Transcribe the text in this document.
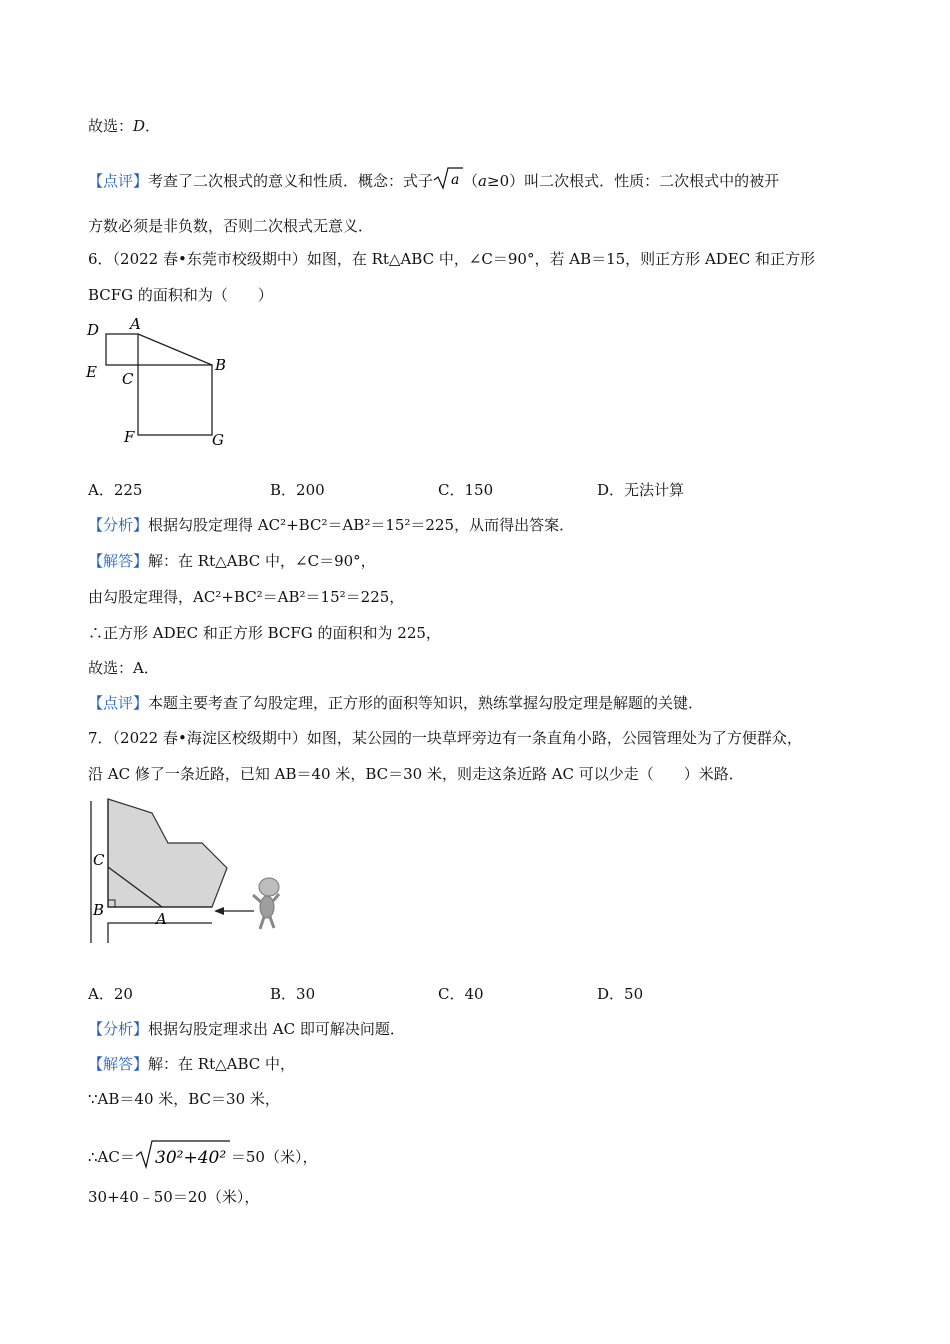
故选：D．
【点评】考查了二次根式的意义和性质．概念：式子 a （a≥0）叫二次根式．性质：二次根式中的被开
方数必须是非负数，否则二次根式无意义．
6．（2022 春•东莞市校级期中）如图，在 Rt△ABC 中，∠C＝90°，若 AB＝15，则正方形 ADEC 和正方形
BCFG 的面积和为（　　）
D A
E C
B
F	G
A．225	B．200	C．150	D．无法计算
【分析】根据勾股定理得 AC²+BC²＝AB²＝15²＝225，从而得出答案．
【解答】解：在 Rt△ABC 中，∠C＝90°，
由勾股定理得，AC²+BC²＝AB²＝15²＝225，
∴正方形 ADEC 和正方形 BCFG 的面积和为 225，
故选：A．
【点评】本题主要考查了勾股定理，正方形的面积等知识，熟练掌握勾股定理是解题的关键．
7．（2022 春•海淀区校级期中）如图，某公园的一块草坪旁边有一条直角小路，公园管理处为了方便群众，
沿 AC 修了一条近路，已知 AB＝40 米，BC＝30 米，则走这条近路 AC 可以少走（　　）米路．
C
B	A
A．20	B．30	C．40	D．50
【分析】根据勾股定理求出 AC 即可解决问题．
【解答】解：在 Rt△ABC 中，
∵AB＝40 米，BC＝30 米，
∴AC＝ 30²+40² ＝50（米），
30+40﹣50＝20（米），
